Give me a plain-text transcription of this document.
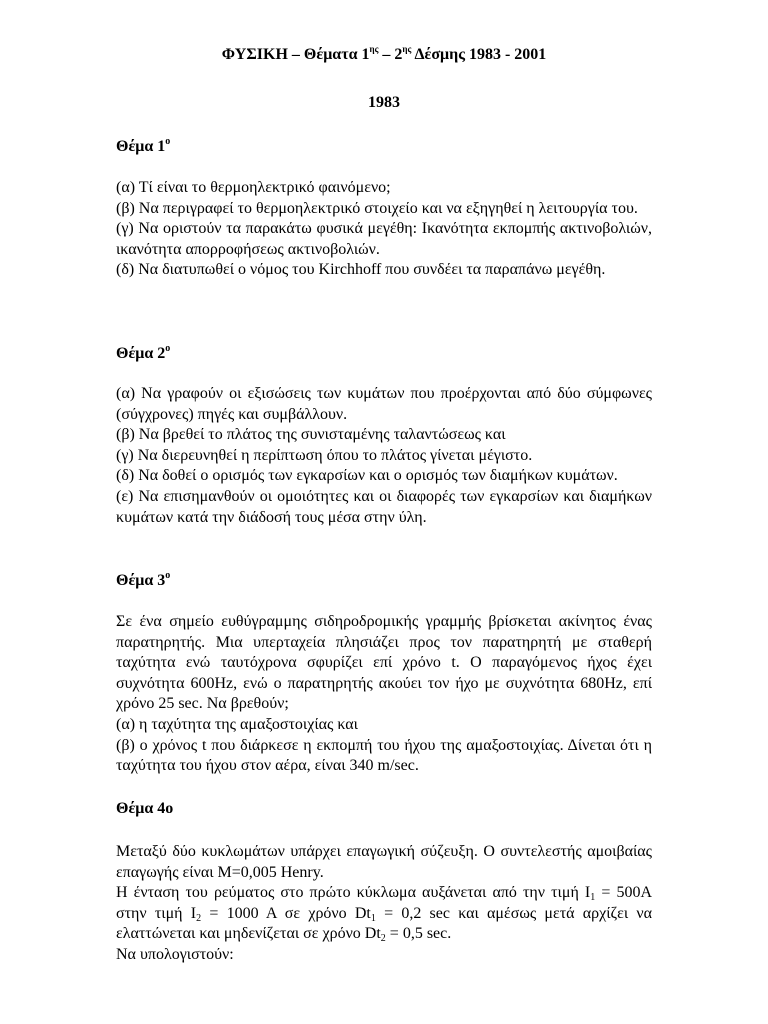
ΦΥΣΙΚΗ – Θέματα $1^{\eta\varsigma} - 2^{\eta\varsigma}$ Δέσμης 1983 - 2001
1983
Θέμα $1^o$

(α) Τί είναι το θερμοηλεκτρικό φαινόμενο;

(β) Να περιγραφεί το θερμοηλεκτρικό στοιχείο και να εξηγηθεί η λειτουργία του.

(γ) Να οριστούν τα παρακάτω φυσικά μεγέθη: Ικανότητα εκπομπής ακτινοβολιών, ικανότητα απορροφήσεως ακτινοβολιών.

(δ) Να διατυπωθεί ο νόμος του Kirchhoff που συνδέει τα παραπάνω μεγέθη.

Θέμα $2^o$

(α) Να γραφούν οι εξισώσεις των κυμάτων που προέρχονται από δύο σύμφωνες (σύγχρονες) πηγές και συμβάλλουν.

(β) Να βρεθεί το πλάτος της συνισταμένης ταλαντώσεως και

(γ) Να διερευνηθεί η περίπτωση όπου το πλάτος γίνεται μέγιστο.

(δ) Να δοθεί ο ορισμός των εγκαρσίων και ο ορισμός των διαμήκων κυμάτων.

(ε) Να επισημανθούν οι ομοιότητες και οι διαφορές των εγκαρσίων και διαμήκων κυμάτων κατά την διάδοσή τους μέσα στην ύλη.

Θέμα $3^o$

Σε ένα σημείο ευθύγραμμης σιδηροδρομικής γραμμής βρίσκεται ακίνητος ένας παρατηρητής. Μια υπερταχεία πλησιάζει προς τον παρατηρητή με σταθερή ταχύτητα ενώ ταυτόχρονα σφυρίζει επί χρόνο t. Ο παραγόμενος ήχος έχει συχνότητα 600Hz, ενώ ο παρατηρητής ακούει τον ήχο με συχνότητα 680Hz, επί χρόνο 25 sec. Να βρεθούν;

(α) η ταχύτητα της αμαξοστοιχίας και

(β) ο χρόνος t που διάρκεσε η εκπομπή του ήχου της αμαξοστοιχίας. Δίνεται ότι η ταχύτητα του ήχου στον αέρα, είναι 340 m/sec.

Θέμα 4ο

Μεταξύ δύο κυκλωμάτων υπάρχει επαγωγική σύζευξη. Ο συντελεστής αμοιβαίας επαγωγής είναι Μ=0,005 Henry.

Η ένταση του ρεύματος στο πρώτο κύκλωμα αυξάνεται από την τιμή $I_1 = 500A$ στην τιμή $I_2 = 1000$ A σε χρόνο $Dt_1 = 0,2$ sec και αμέσως μετά αρχίζει να ελαττώνεται και μηδενίζεται σε χρόνο $Dt_2 = 0,5$ sec.

Να υπολογιστούν:
